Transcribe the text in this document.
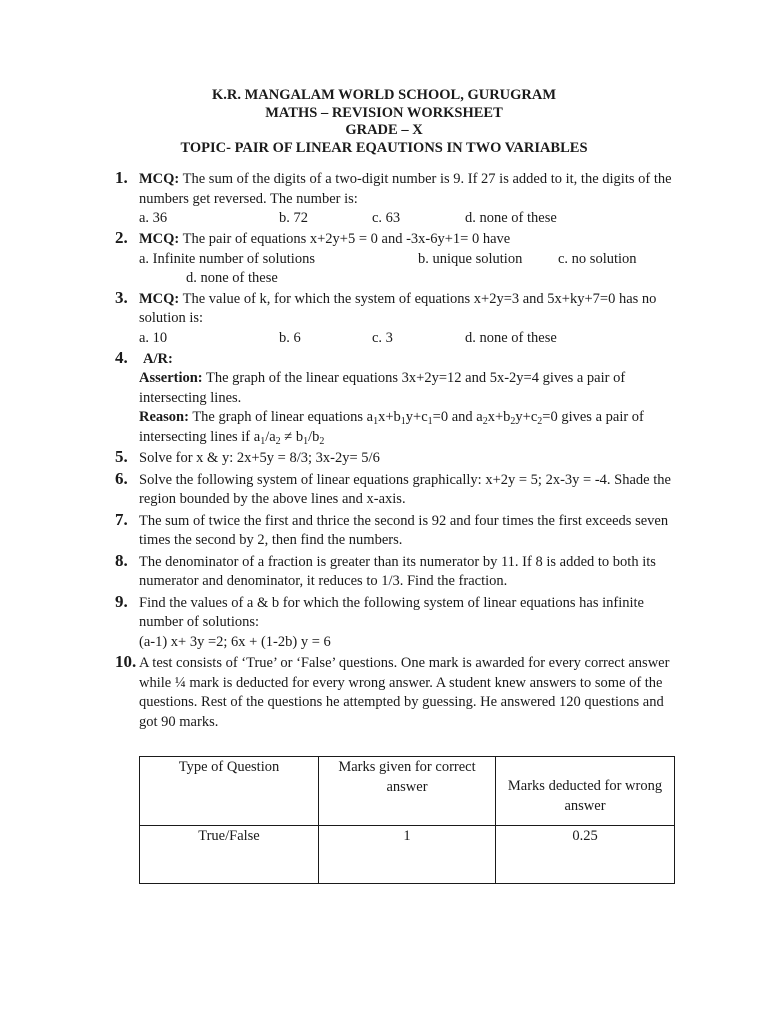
K.R. MANGALAM WORLD SCHOOL, GURUGRAM
MATHS – REVISION WORKSHEET
GRADE – X
TOPIC- PAIR OF LINEAR EQAUTIONS IN TWO VARIABLES
1. MCQ: The sum of the digits of a two-digit number is 9. If 27 is added to it, the digits of the numbers get reversed. The number is:
a. 36	b. 72	c. 63	d. none of these
2. MCQ: The pair of equations x+2y+5 = 0 and -3x-6y+1= 0 have
a. Infinite number of solutions	b. unique solution c. no solution
d. none of these
3. MCQ: The value of k, for which the system of equations x+2y=3 and 5x+ky+7=0 has no solution is:
a. 10	b. 6	c. 3	d. none of these
4. A/R:
Assertion: The graph of the linear equations 3x+2y=12 and 5x-2y=4 gives a pair of intersecting lines.
Reason: The graph of linear equations $a_1x+b_1y+c_1=0$ and $a_2x+b_2y+c_2=0$ gives a pair of intersecting lines if $a_1/a_2 \ne b_1/b_2$
5. Solve for x & y: 2x+5y = 8/3; 3x-2y= 5/6
6. Solve the following system of linear equations graphically: x+2y = 5; 2x-3y = -4. Shade the region bounded by the above lines and x-axis.
7. The sum of twice the first and thrice the second is 92 and four times the first exceeds seven times the second by 2, then find the numbers.
8. The denominator of a fraction is greater than its numerator by 11. If 8 is added to both its numerator and denominator, it reduces to 1/3. Find the fraction.
9. Find the values of a & b for which the following system of linear equations has infinite number of solutions:
(a-1) x+ 3y =2; 6x + (1-2b) y = 6
10. A test consists of ‘True’ or ‘False’ questions. One mark is awarded for every correct answer while ¼ mark is deducted for every wrong answer. A student knew answers to some of the questions. Rest of the questions he attempted by guessing. He answered 120 questions and got 90 marks.
Type of Question	Marks given for correct answer	Marks deducted for wrong answer

True/False	1	0.25
